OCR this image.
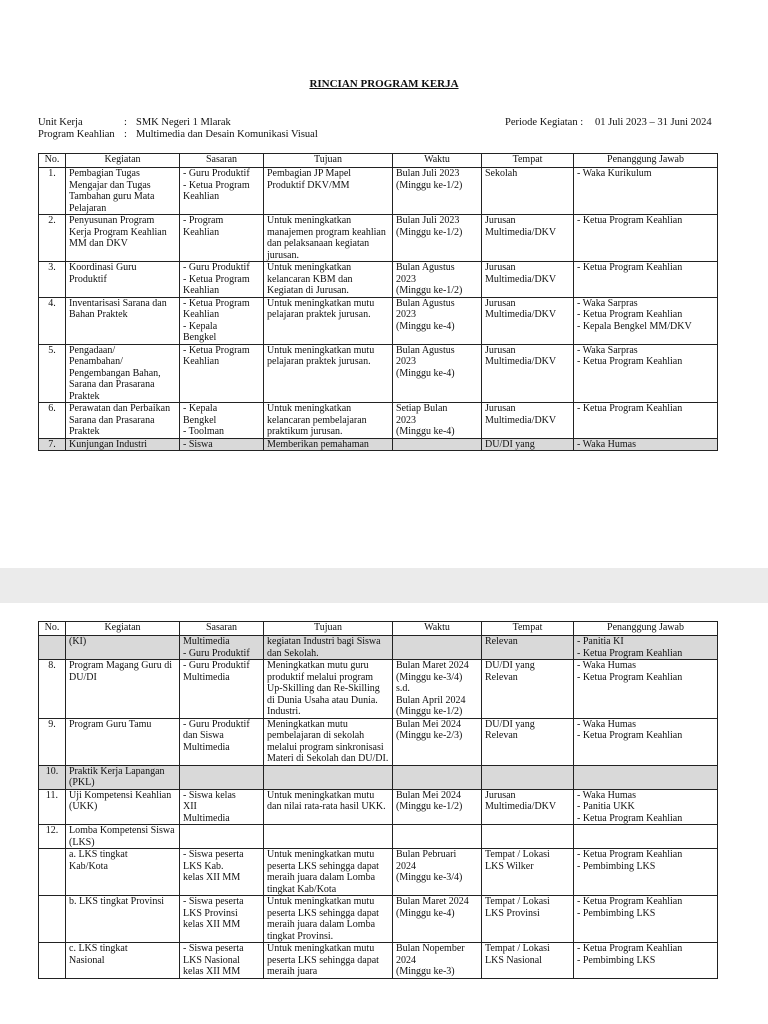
RINCIAN PROGRAM KERJA
Unit Kerja	: SMK Negeri 1 Mlarak
Program Keahlian : Multimedia dan Desain Komunikasi Visual
Periode Kegiatan : 01 Juli 2023 – 31 Juni 2024
No.	Kegiatan	Sasaran	Tujuan	Waktu	Tempat	Penanggung Jawab
1.	Pembagian Tugas Mengajar dan Tugas Tambahan guru Mata Pelajaran	- Guru Produktif
- Ketua Program
Keahlian	Pembagian JP Mapel Produktif DKV/MM	Bulan Juli 2023
(Minggu ke-1/2)	Sekolah	- Waka Kurikulum
2.	Penyusunan Program Kerja Program Keahlian MM dan DKV	- Program
Keahlian	Untuk meningkatkan manajemen program keahlian dan pelaksanaan kegiatan jurusan.	Bulan Juli 2023
(Minggu ke-1/2)	Jurusan
Multimedia/DKV	- Ketua Program Keahlian
3.	Koordinasi Guru Produktif	- Guru Produktif
- Ketua Program
Keahlian	Untuk meningkatkan kelancaran KBM dan Kegiatan di Jurusan.	Bulan Agustus
2023
(Minggu ke-1/2)	Jurusan
Multimedia/DKV	- Ketua Program Keahlian
4.	Inventarisasi Sarana dan Bahan Praktek	- Ketua Program
Keahlian
- Kepala
Bengkel	Untuk meningkatkan mutu pelajaran praktek jurusan.	Bulan Agustus
2023
(Minggu ke-4)	Jurusan
Multimedia/DKV	- Waka Sarpras
- Ketua Program Keahlian
- Kepala Bengkel MM/DKV
5.	Pengadaan/
Penambahan/
Pengembangan Bahan, Sarana dan Prasarana Praktek	- Ketua Program
Keahlian	Untuk meningkatkan mutu pelajaran praktek jurusan.	Bulan Agustus
2023
(Minggu ke-4)	Jurusan
Multimedia/DKV	- Waka Sarpras
- Ketua Program Keahlian
6.	Perawatan dan Perbaikan Sarana dan Prasarana Praktek	- Kepala
Bengkel
- Toolman	Untuk meningkatkan kelancaran pembelajaran praktikum jurusan.	Setiap Bulan
2023
(Minggu ke-4)	Jurusan
Multimedia/DKV	- Ketua Program Keahlian
7.	Kunjungan Industri	- Siswa	Memberikan pemahaman		DU/DI yang	- Waka Humas
No.	Kegiatan	Sasaran	Tujuan	Waktu	Tempat	Penanggung Jawab
	(KI)	Multimedia
- Guru Produktif	kegiatan Industri bagi Siswa dan Sekolah.		Relevan	- Panitia KI
- Ketua Program Keahlian
8.	Program Magang Guru di DU/DI	- Guru Produktif
Multimedia	Meningkatkan mutu guru produktif melalui program Up-Skilling dan Re-Skilling di Dunia Usaha atau Dunia. Industri.	Bulan Maret 2024
(Minggu ke-3/4)
s.d.
Bulan April 2024
(Minggu ke-1/2)	DU/DI yang
Relevan	- Waka Humas
- Ketua Program Keahlian
9.	Program Guru Tamu	- Guru Produktif
dan Siswa
Multimedia	Meningkatkan mutu pembelajaran di sekolah melalui program sinkronisasi Materi di Sekolah dan DU/DI.	Bulan Mei 2024
(Minggu ke-2/3)	DU/DI yang
Relevan	- Waka Humas
- Ketua Program Keahlian
10.	Praktik Kerja Lapangan (PKL)					
11.	Uji Kompetensi Keahlian (UKK)	- Siswa kelas
XII
Multimedia	Untuk meningkatkan mutu dan nilai rata-rata hasil UKK.	Bulan Mei 2024
(Minggu ke-1/2)	Jurusan
Multimedia/DKV	- Waka Humas
- Panitia UKK
- Ketua Program Keahlian
12.	Lomba Kompetensi Siswa (LKS)					
	a. LKS tingkat
Kab/Kota	- Siswa peserta
LKS Kab.
kelas XII MM	Untuk meningkatkan mutu peserta LKS sehingga dapat meraih juara dalam Lomba tingkat Kab/Kota	Bulan Pebruari
2024
(Minggu ke-3/4)	Tempat / Lokasi
LKS Wilker	- Ketua Program Keahlian
- Pembimbing LKS
	b. LKS tingkat Provinsi	- Siswa peserta
LKS Provinsi
kelas XII MM	Untuk meningkatkan mutu peserta LKS sehingga dapat meraih juara dalam Lomba tingkat Provinsi.	Bulan Maret 2024
(Minggu ke-4)	Tempat / Lokasi
LKS Provinsi	- Ketua Program Keahlian
- Pembimbing LKS
	c. LKS tingkat
Nasional	- Siswa peserta
LKS Nasional
kelas XII MM	Untuk meningkatkan mutu peserta LKS sehingga dapat meraih juara	Bulan Nopember
2024
(Minggu ke-3)	Tempat / Lokasi
LKS Nasional	- Ketua Program Keahlian
- Pembimbing LKS
